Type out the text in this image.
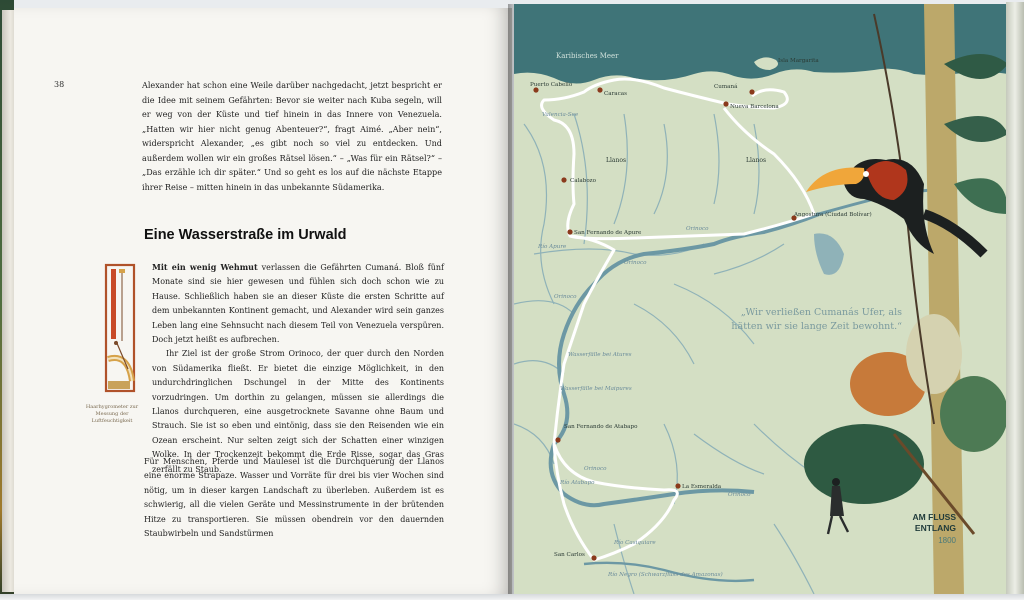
38	Alexander hat schon eine Weile darüber nachgedacht, jetzt bespricht er die Idee mit seinem Gefährten: Bevor sie weiter nach Kuba segeln, will er weg von der Küste und tief hinein in das Innere von Venezuela. „Hatten wir hier nicht genug Abenteuer?“, fragt Aimé. „Aber nein“, widerspricht Alexander, „es gibt noch so viel zu entdecken. Und außerdem wollen wir ein großes Rätsel lösen.“ – „Was für ein Rätsel?“ – „Das erzähle ich dir später.“ Und so geht es los auf die nächste Etappe ihrer Reise – mitten hinein in das unbekannte Südamerika.

Eine Wasserstraße im Urwald

Haarhygrometer zur Messung der Luftfeuchtigkeit

Mit ein wenig Wehmut verlassen die Gefährten Cumaná. Bloß fünf Monate sind sie hier gewesen und fühlen sich doch schon wie zu Hause. Schließlich haben sie an dieser Küste die ersten Schritte auf dem unbekannten Kontinent gemacht, und Alexander wird sein ganzes Leben lang eine Sehnsucht nach diesem Teil von Venezuela verspüren. Doch jetzt heißt es aufbrechen.
Ihr Ziel ist der große Strom Orinoco, der quer durch den Norden von Südamerika fließt. Er bietet die einzige Möglichkeit, in den undurchdringlichen Dschungel in der Mitte des Kontinents vorzudringen. Um dorthin zu gelangen, müssen sie allerdings die Llanos durchqueren, eine ausgetrocknete Savanne ohne Baum und Strauch. Sie ist so eben und eintönig, dass sie den Reisenden wie ein Ozean erscheint. Nur selten zeigt sich der Schatten einer winzigen Wolke. In der Trockenzeit bekommt die Erde Risse, sogar das Gras zerfällt zu Staub.

Für Menschen, Pferde und Maulesel ist die Durchquerung der Llanos eine enorme Strapaze. Wasser und Vorräte für drei bis vier Wochen sind nötig, um in dieser kargen Landschaft zu überleben. Außerdem ist es schwierig, all die vielen Geräte und Messinstrumente in der brütenden Hitze zu transportieren. Sie müssen obendrein vor den dauernden Staubwirbeln und Sandstürmen

Karibisches Meer
Isla Margarita
Puerto Cabello
Caracas
Cumaná
Nueva Barcelona
Calabozo
San Fernando de Apure
Angostura (Ciudad Bolívar)
San Fernando de Atabapo
La Esmeralda
San Carlos
Llanos	Llanos
Valencia-See
Río Apure
Orinoco
Orinoco
Orinoco
Wasserfälle bei Atures
Wasserfälle bei Maipures
Orinoco
Río Atabapo
Río Casiquiare
Río Negro (Schwarzfluss des Amazonas)
Orinoco

„Wir verließen Cumanás Ufer, als hätten wir sie lange Zeit bewohnt.“

AM FLUSS ENTLANG

1800
